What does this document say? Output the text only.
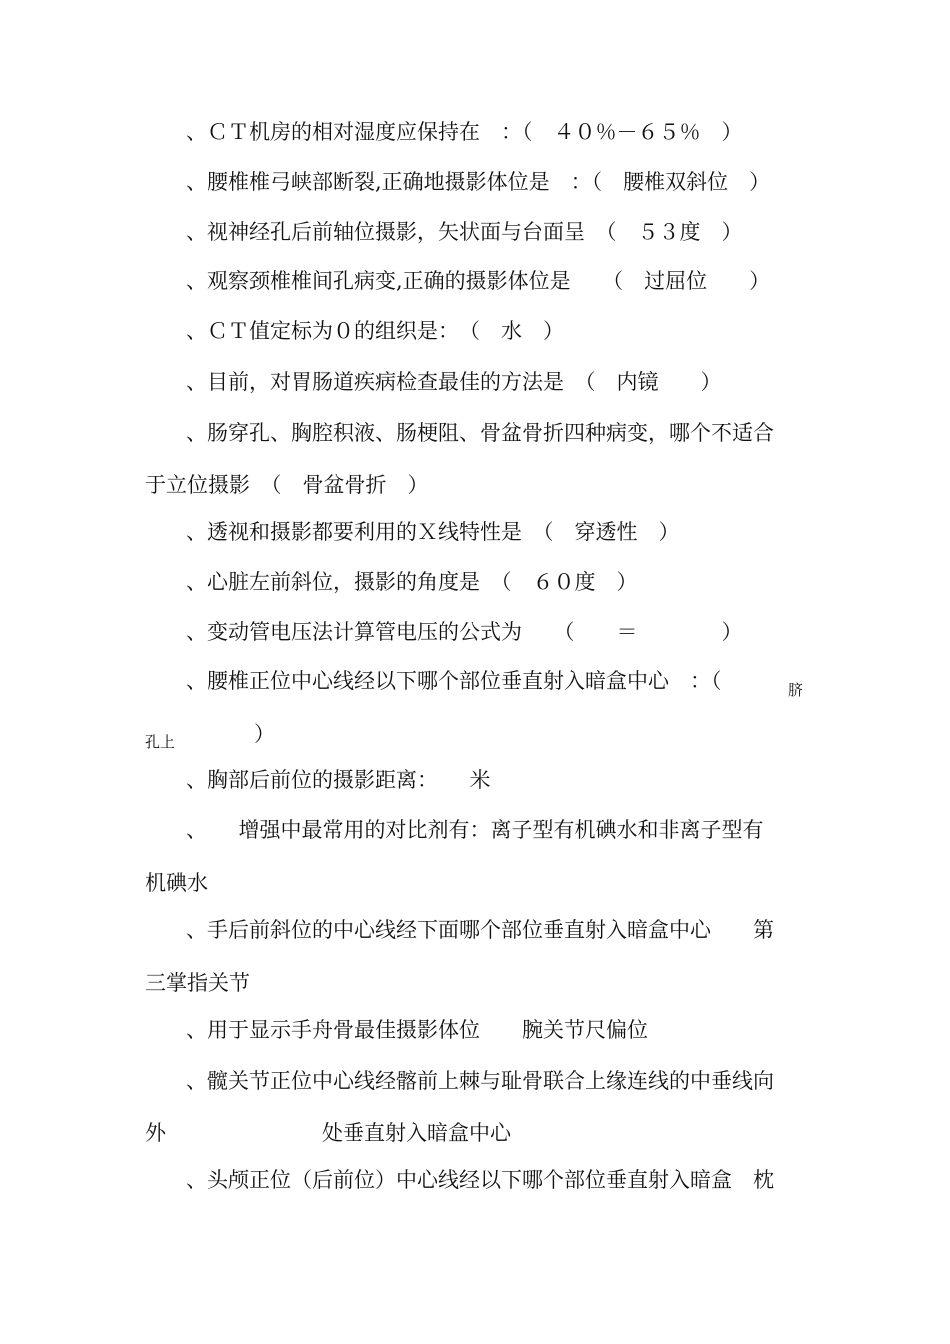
、ＣＴ机房的相对湿度应保持在　：（　４０％－６５％　）
、腰椎椎弓峡部断裂,正确地摄影体位是　：（　腰椎双斜位　）
、视神经孔后前轴位摄影，矢状面与台面呈　（　５３度　）
、观察颈椎椎间孔病变,正确的摄影体位是　　（　过屈位　　）
、ＣＴ值定标为０的组织是：　（　水　）
、目前，对胃肠道疾病检查最佳的方法是　（　内镜　　）
、肠穿孔、胸腔积液、肠梗阻、骨盆骨折四种病变，哪个不适合
于立位摄影　（　骨盆骨折　）
、透视和摄影都要利用的Ｘ线特性是　（　穿透性　）
、心脏左前斜位，摄影的角度是　（　６０度　）
、变动管电压法计算管电压的公式为　　（　　＝　　　　）
、腰椎正位中心线经以下哪个部位垂直射入暗盒中心　：（	脐
孔上	）
、胸部后前位的摄影距离：　　米
、　　增强中最常用的对比剂有：离子型有机碘水和非离子型有
机碘水
、手后前斜位的中心线经下面哪个部位垂直射入暗盒中心　　第
三掌指关节
、用于显示手舟骨最佳摄影体位　　腕关节尺偏位
、髋关节正位中心线经髂前上棘与耻骨联合上缘连线的中垂线向
外	处垂直射入暗盒中心
、头颅正位（后前位）中心线经以下哪个部位垂直射入暗盒　枕
